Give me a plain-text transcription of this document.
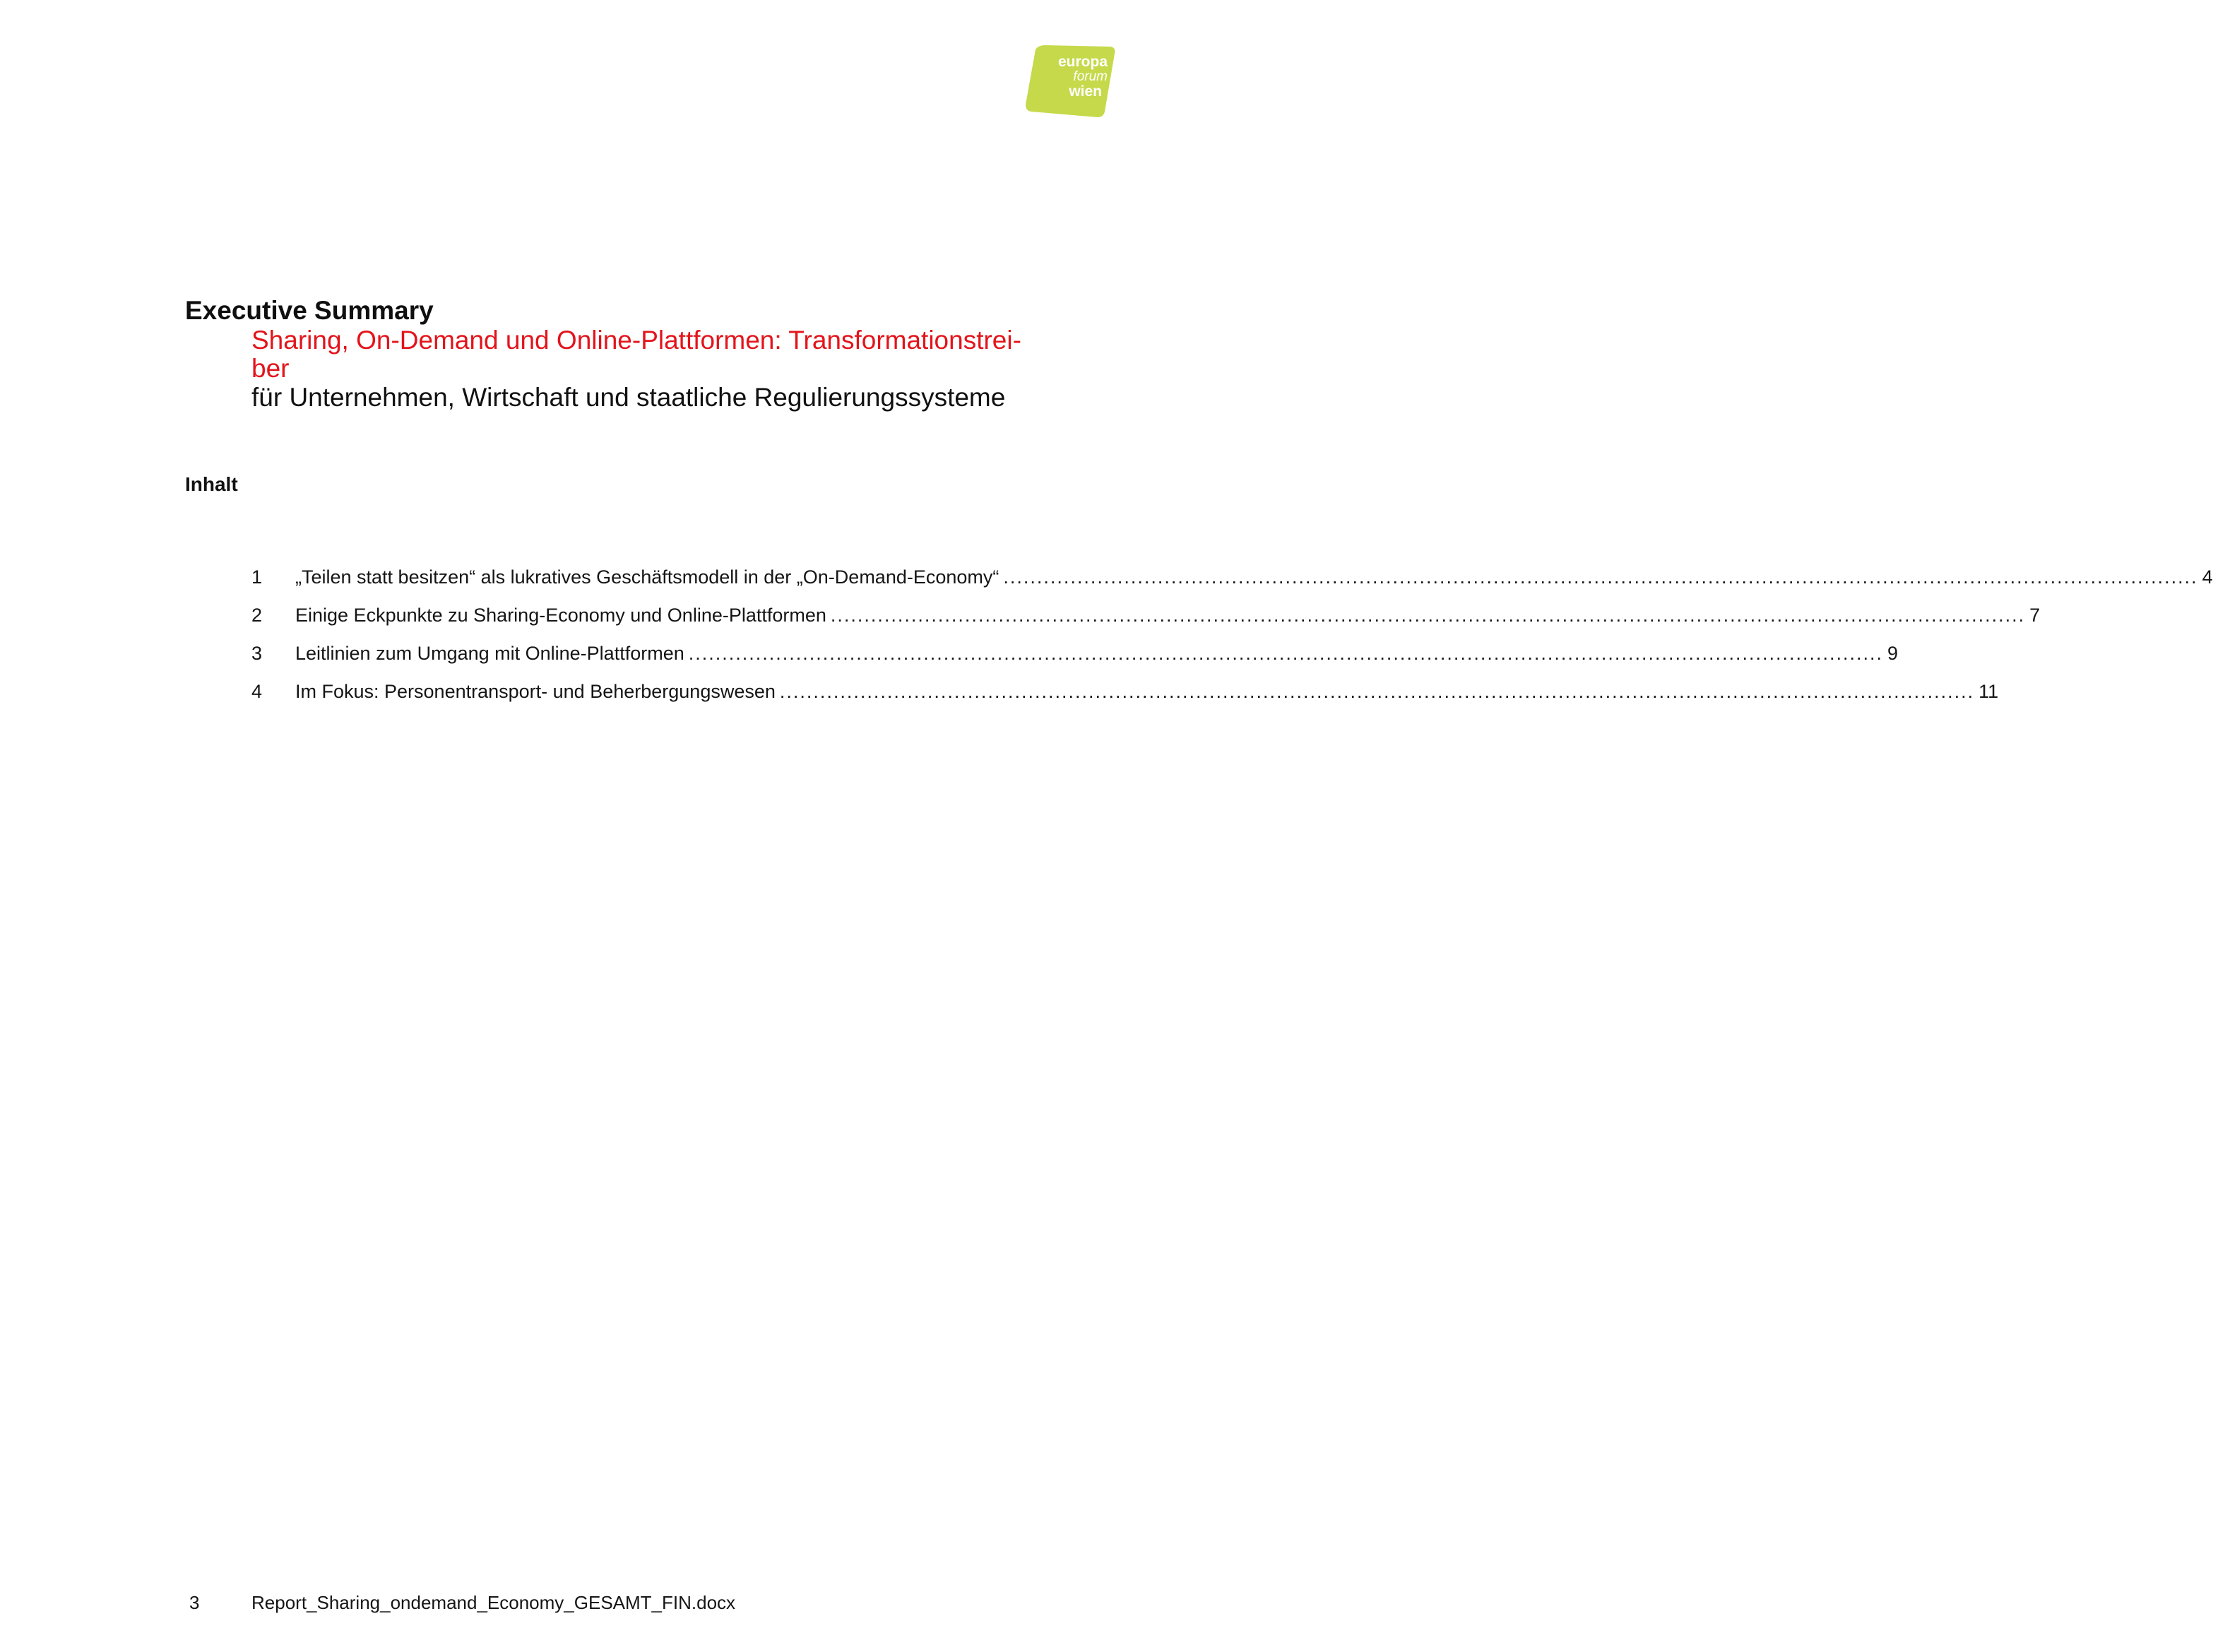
europa
forum
wien
Executive Summary
Sharing, On-Demand und Online-Plattformen: Transformationstrei-
ber
für Unternehmen, Wirtschaft und staatliche Regulierungssysteme
Inhalt
1	„Teilen statt besitzen“ als lukratives Geschäftsmodell in der „On-Demand-Economy“ .................................................................................................................................................................................. 4
2	Einige Eckpunkte zu Sharing-Economy und Online-Plattformen .................................................................................................................................................................................. 7
3	Leitlinien zum Umgang mit Online-Plattformen .................................................................................................................................................................................. 9
4	Im Fokus: Personentransport- und Beherbergungswesen .................................................................................................................................................................................. 11
3	Report_Sharing_ondemand_Economy_GESAMT_FIN.docx
